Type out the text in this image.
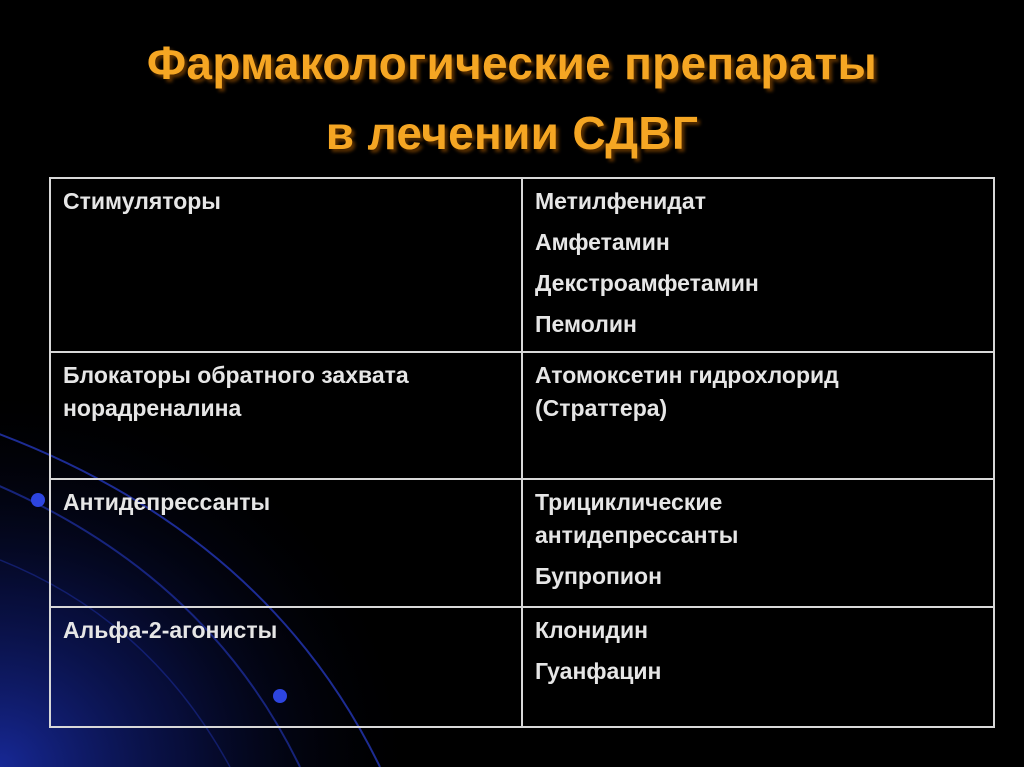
Фармакологические препараты
в лечении СДВГ
Стимуляторы	Метилфенидат
Амфетамин
Декстроамфетамин
Пемолин

Блокаторы обратного захвата
норадреналина	Атомоксетин гидрохлорид
(Страттера)

Антидепрессанты	Трициклические
антидепрессанты
Бупропион

Альфа-2-агонисты	Клонидин
Гуанфацин
